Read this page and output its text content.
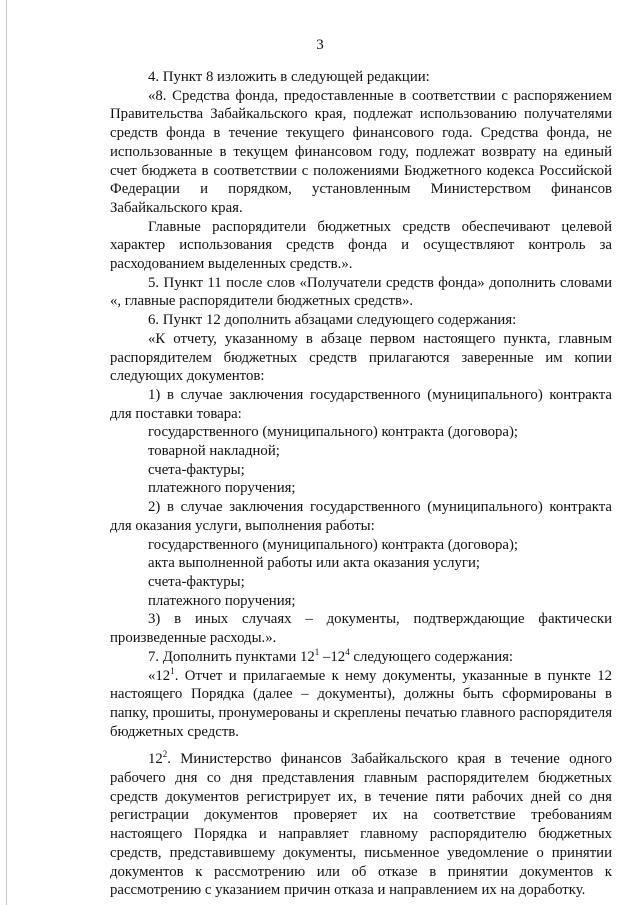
3

4. Пункт 8 изложить в следующей редакции:

«8. Средства фонда, предоставленные в соответствии с распоряжением Правительства Забайкальского края, подлежат использованию получателями средств фонда в течение текущего финансового года. Средства фонда, не использованные в текущем финансовом году, подлежат возврату на единый счет бюджета в соответствии с положениями Бюджетного кодекса Российской Федерации и порядком, установленным Министерством финансов Забайкальского края.

Главные распорядители бюджетных средств обеспечивают целевой характер использования средств фонда и осуществляют контроль за расходованием выделенных средств.».

5. Пункт 11 после слов «Получатели средств фонда» дополнить словами «, главные распорядители бюджетных средств».

6. Пункт 12 дополнить абзацами следующего содержания:

«К отчету, указанному в абзаце первом настоящего пункта, главным распорядителем бюджетных средств прилагаются заверенные им копии следующих документов:

1) в случае заключения государственного (муниципального) контракта для поставки товара:

государственного (муниципального) контракта (договора);

товарной накладной;

счета-фактуры;

платежного поручения;

2) в случае заключения государственного (муниципального) контракта для оказания услуги, выполнения работы:

государственного (муниципального) контракта (договора);

акта выполненной работы или акта оказания услуги;

счета-фактуры;

платежного поручения;

3) в иных случаях – документы, подтверждающие фактически произведенные расходы.».

7. Дополнить пунктами $12^1$ $-12^4$ следующего содержания:

«$12^1$. Отчет и прилагаемые к нему документы, указанные в пункте 12 настоящего Порядка (далее – документы), должны быть сформированы в папку, прошиты, пронумерованы и скреплены печатью главного распорядителя бюджетных средств.

$12^2$. Министерство финансов Забайкальского края в течение одного рабочего дня со дня представления главным распорядителем бюджетных средств документов регистрирует их, в течение пяти рабочих дней со дня регистрации документов проверяет их на соответствие требованиям настоящего Порядка и направляет главному распорядителю бюджетных средств, представившему документы, письменное уведомление о принятии документов к рассмотрению или об отказе в принятии документов к рассмотрению с указанием причин отказа и направлением их на доработку.
